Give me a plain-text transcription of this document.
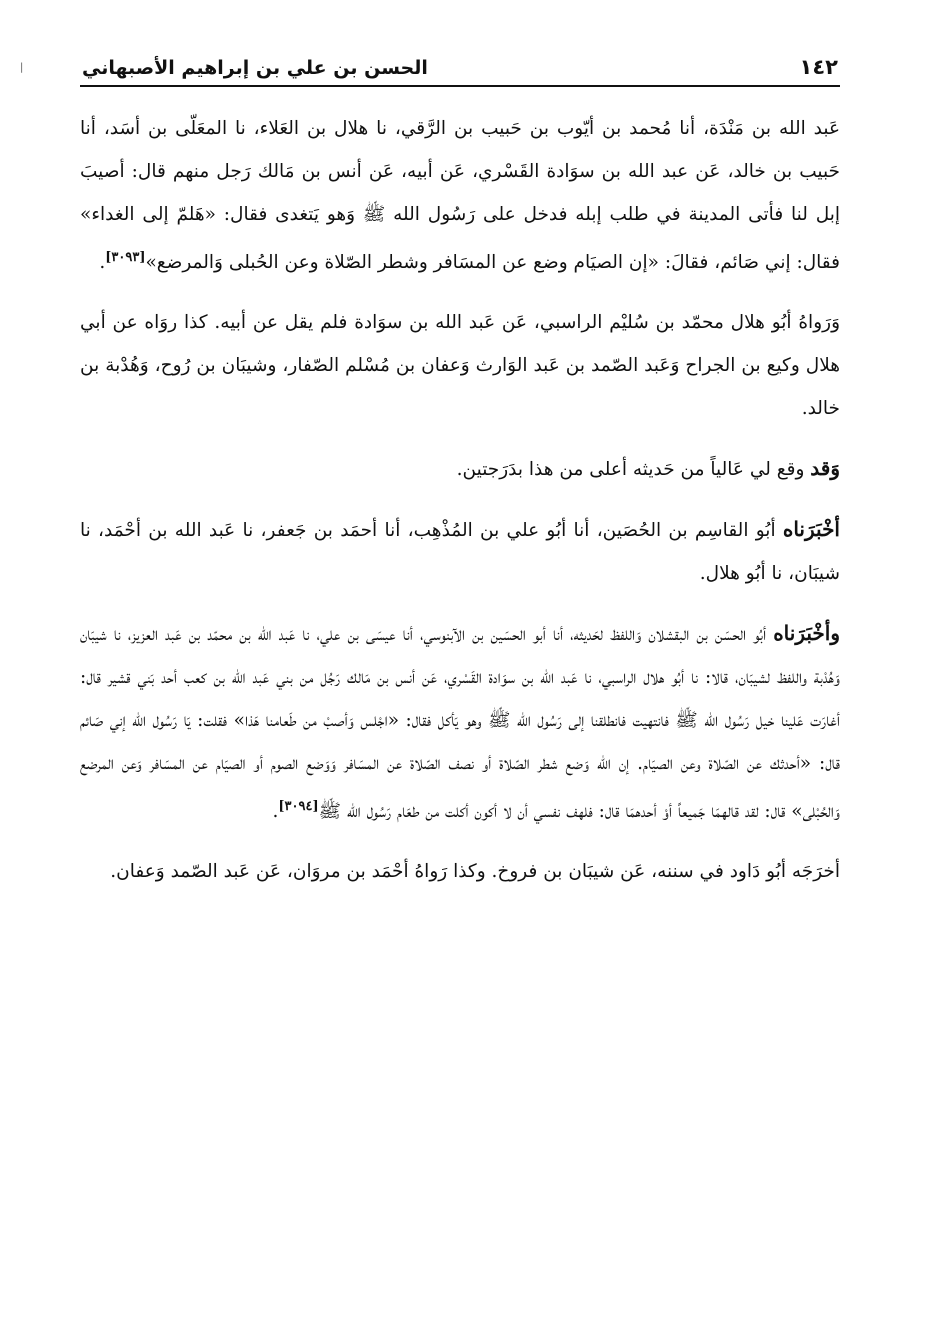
|	الحسن بن علي بن إبراهيم الأصبهاني	١٤٢

عَبد الله بن مَنْدَة، أنا مُحمد بن أيّوب بن حَبيب بن الرَّقي، نا هلال بن العَلاء، نا المعَلّى بن أسَد، أنا حَبيب بن خالد، عَن عبد الله بن سوَادة القَسْري، عَن أبيه، عَن أنس بن مَالك رَجل منهم قال: أصيبَ إبل لنا فأتى المدينة في طلب إبله فدخل على رَسُول الله ﷺ وَهو يَتغدى فقال: «هَلمّ إلى الغداء» فقال: إني صَائم، فقالَ: «إن الصيَام وضع عن المسَافر وشطر الصّلاة وعن الحُبلى وَالمرضع»[٣٠٩٣].

وَرَواهُ أبُو هلال محمّد بن سُليْم الراسبي، عَن عَبد الله بن سوَادة فلم يقل عن أبيه. كذا روَاه عن أبي هلال وكيع بن الجراح وَعَبد الصّمد بن عَبد الوَارث وَعفان بن مُسْلم الصّفار، وشيبَان بن رُوح، وَهُدْبة بن خالد.

وَقد وقع لي عَالياً من حَديثه أعلى من هذا بدَرَجتين.

أخْبَرَناه أبُو القاسِم بن الحُصَين، أنا أبُو علي بن المُذْهِب، أنا أحمَد بن جَعفر، نا عَبد الله بن أحْمَد، نا شيبَان، نا أبُو هلال.

وأخْبَرَناه أبُو الحسَن بن البقشلان وَاللفظ لحَديثه، أنا أبو الحسَين بن الآبنوسي، أنا عيسَى بن علي، نا عَبد الله بن محمّد بن عَبد العزيز، نا شيبَان وَهُدْبة واللفظ لشيبَان، قالا: نا أبُو هلال الراسبي، نا عَبد الله بن سوَادة القَسْري، عَن أنس بن مَالك رَجُل من بني عَبد الله بن كعب أحد بَني قشير قال: أغارَت عَلينا خيل رَسُول الله ﷺ فانتهيت فانطلقنا إلى رَسُول الله ﷺ وهو يَأكل فقال: «اجْلس وَأصبْ من طَعامنا هَذا» فقلت: يَا رَسُول الله إني صَائم قال: «أحدثك عن الصّلاة وعن الصيَام. إن الله وَضع شطر الصّلاة أو نصف الصّلاة عن المسَافر وَوَضع الصوم أو الصيَام عن المسَافر وَعن المرضع وَالحُبْلى» قال: لقد قالهمَا جَميعاً أوْ أحدهمَا قال: فلهف نفسي أن لا أكون أكلت من طعَام رَسُول الله ﷺ[٣٠٩٤].

أخرَجَه أبُو دَاود في سننه، عَن شيبَان بن فروخ. وكذا رَواهُ أحْمَد بن مروَان، عَن عَبد الصّمد وَعفان.
